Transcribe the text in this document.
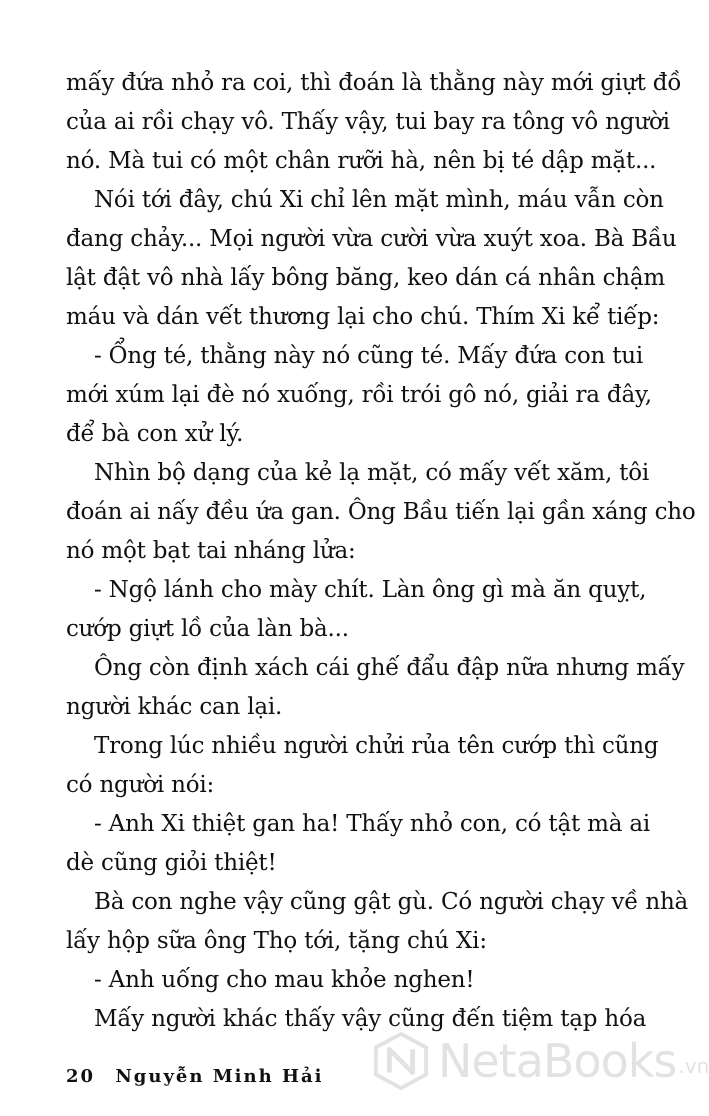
mấy đứa nhỏ ra coi, thì đoán là thằng này mới giựt đồ
của ai rồi chạy vô. Thấy vậy, tui bay ra tông vô người
nó. Mà tui có một chân rưỡi hà, nên bị té dập mặt...
Nói tới đây, chú Xi chỉ lên mặt mình, máu vẫn còn
đang chảy... Mọi người vừa cười vừa xuýt xoa. Bà Bầu
lật đật vô nhà lấy bông băng, keo dán cá nhân chậm
máu và dán vết thương lại cho chú. Thím Xi kể tiếp:
- Ổng té, thằng này nó cũng té. Mấy đứa con tui
mới xúm lại đè nó xuống, rồi trói gô nó, giải ra đây,
để bà con xử lý.
Nhìn bộ dạng của kẻ lạ mặt, có mấy vết xăm, tôi
đoán ai nấy đều ứa gan. Ông Bầu tiến lại gần xáng cho
nó một bạt tai nháng lửa:
- Ngộ lánh cho mày chít. Làn ông gì mà ăn quỵt,
cướp giựt lồ của làn bà...
Ông còn định xách cái ghế đẩu đập nữa nhưng mấy
người khác can lại.
Trong lúc nhiều người chửi rủa tên cướp thì cũng
có người nói:
- Anh Xi thiệt gan ha! Thấy nhỏ con, có tật mà ai
dè cũng giỏi thiệt!
Bà con nghe vậy cũng gật gù. Có người chạy về nhà
lấy hộp sữa ông Thọ tới, tặng chú Xi:
- Anh uống cho mau khỏe nghen!
Mấy người khác thấy vậy cũng đến tiệm tạp hóa
20 Nguyễn Minh Hải NetaBooks .vn
